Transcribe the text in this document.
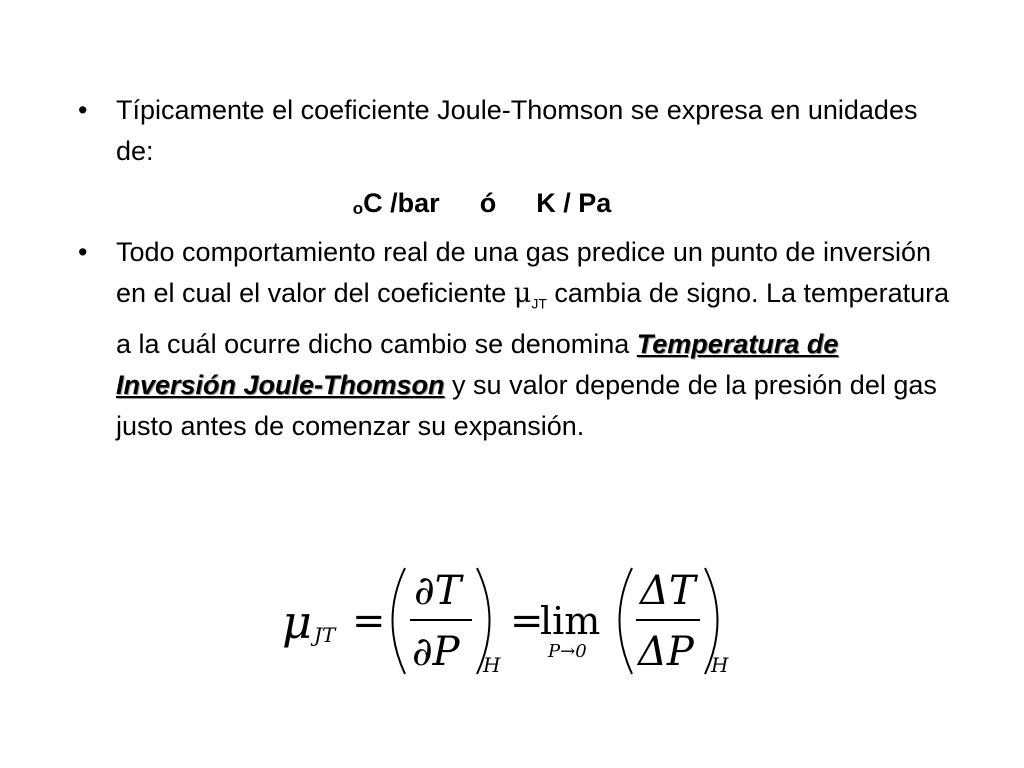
• Típicamente el coeficiente Joule-Thomson se expresa en unidades de:
oC /bar ó K / Pa
• Todo comportamiento real de una gas predice un punto de inversión en el cual el valor del coeficiente $\mu_{JT}$ cambia de signo. La temperatura a la cuál ocurre dicho cambio se denomina Temperatura de Inversión Joule-Thomson y su valor depende de la presión del gas justo antes de comenzar su expansión.
μ JT =
∂T
∂P H
=
lim
P→0
ΔT
ΔP H
